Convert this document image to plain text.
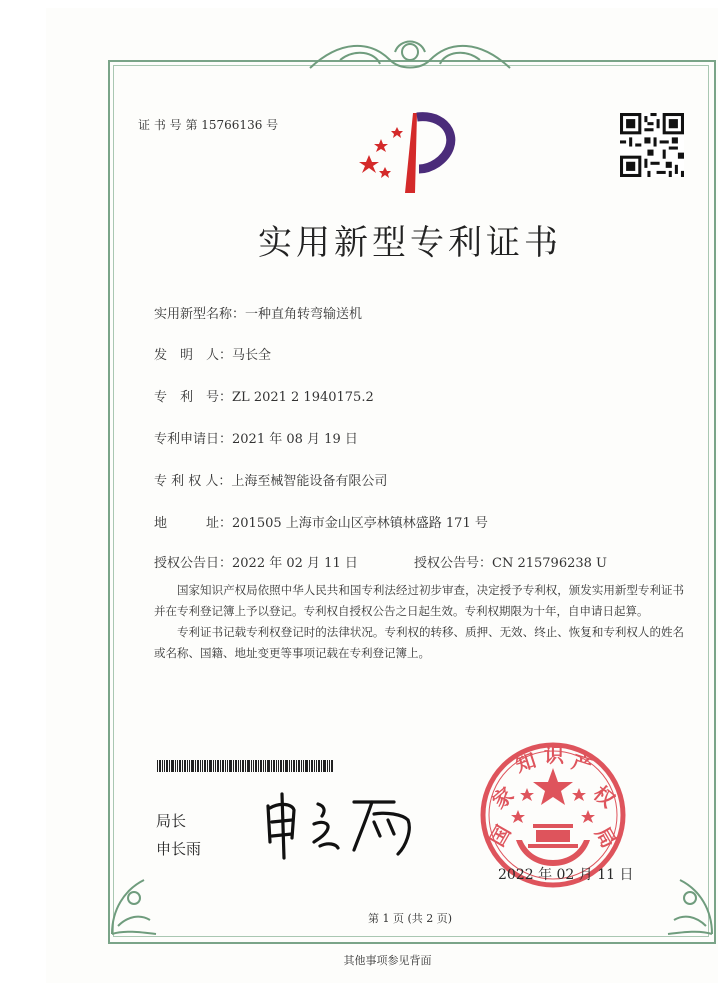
证 书 号 第 15766136 号
实用新型专利证书
实用新型名称：一种直角转弯输送机
发　明　人：马长全
专　利　号：ZL 2021 2 1940175.2
专利申请日：2021 年 08 月 19 日
专 利 权 人：上海至械智能设备有限公司
地　　　址：201505 上海市金山区亭林镇林盛路 171 号
授权公告日：2022 年 02 月 11 日	授权公告号：CN 215796238 U

国家知识产权局依照中华人民共和国专利法经过初步审查，决定授予专利权，颁发实用新型专利证书并在专利登记簿上予以登记。专利权自授权公告之日起生效。专利权期限为十年，自申请日起算。

专利证书记载专利权登记时的法律状况。专利权的转移、质押、无效、终止、恢复和专利权人的姓名或名称、国籍、地址变更等事项记载在专利登记簿上。

局长
申长雨	国
家
知 识 产
权
局
2022 年 02 月 11 日
第 1 页 (共 2 页)
其他事项参见背面
